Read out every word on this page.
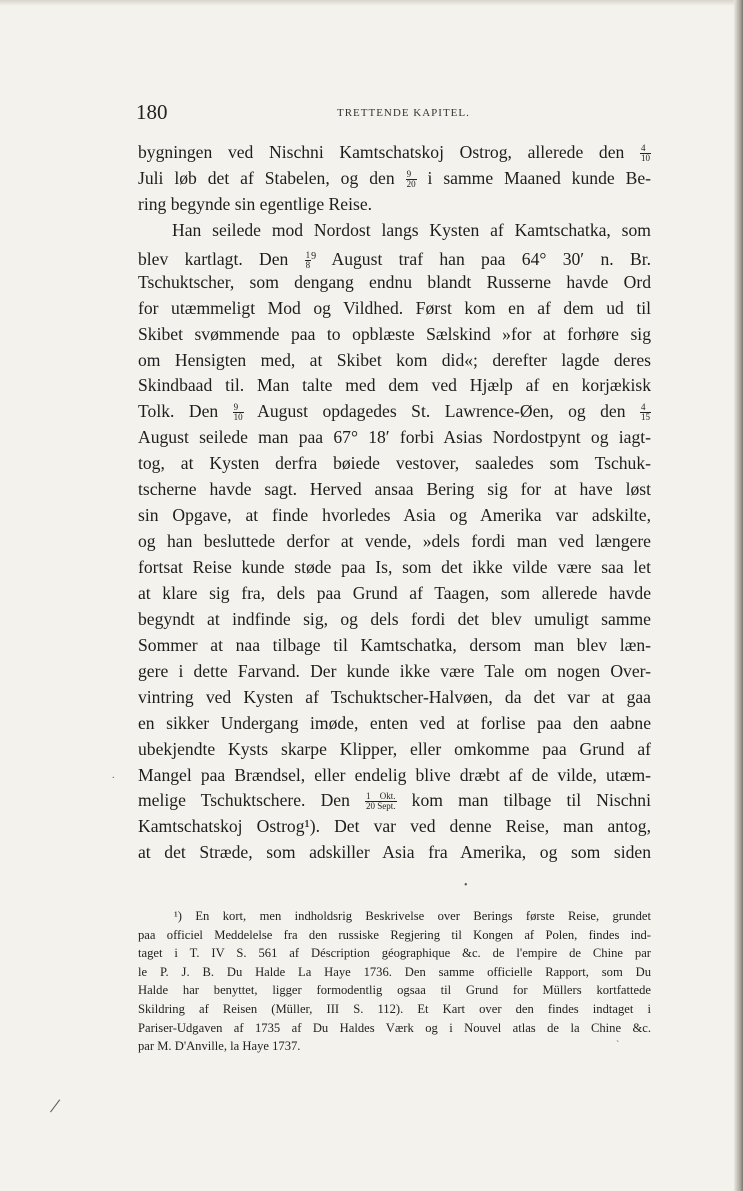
180	TRETTENDE KAPITEL.
bygningen ved Nischni Kamtschatskoj Ostrog, allerede den $\frac{4}{10}$
Juli løb det af Stabelen, og den $\frac{9}{20}$ i samme Maaned kunde Be-
ring begynde sin egentlige Reise.
Han seilede mod Nordost langs Kysten af Kamtschatka, som
blev kartlagt. Den $\frac{1}{8} ^9$ August traf han paa 64° 30′ n. Br.
Tschuktscher, som dengang endnu blandt Russerne havde Ord
for utæmmeligt Mod og Vildhed. Først kom en af dem ud til
Skibet svømmende paa to opblæste Sælskind »for at forhøre sig
om Hensigten med, at Skibet kom did«; derefter lagde deres
Skindbaad til. Man talte med dem ved Hjælp af en korjækisk
Tolk. Den $\frac{9}{10}$ August opdagedes St. Lawrence-Øen, og den $\frac{4}{15}$
August seilede man paa 67° 18′ forbi Asias Nordostpynt og iagt-
tog, at Kysten derfra bøiede vestover, saaledes som Tschuk-
tscherne havde sagt. Herved ansaa Bering sig for at have løst
sin Opgave, at finde hvorledes Asia og Amerika var adskilte,
og han besluttede derfor at vende, »dels fordi man ved længere
fortsat Reise kunde støde paa Is, som det ikke vilde være saa let
at klare sig fra, dels paa Grund af Taagen, som allerede havde
begyndt at indfinde sig, og dels fordi det blev umuligt samme
Sommer at naa tilbage til Kamtschatka, dersom man blev læn-
gere i dette Farvand. Der kunde ikke være Tale om nogen Over-
vintring ved Kysten af Tschuktscher-Halvøen, da det var at gaa
en sikker Undergang imøde, enten ved at forlise paa den aabne
ubekjendte Kysts skarpe Klipper, eller omkomme paa Grund af
Mangel paa Brændsel, eller endelig blive dræbt af de vilde, utæm-
melige Tschuktschere. Den $\frac{\text{1 Okt.}}{\text{20 Sept.}}$ kom man tilbage til Nischni
Kamtschatskoj Ostrog¹). Det var ved denne Reise, man antog,
at det Stræde, som adskiller Asia fra Amerika, og som siden
¹) En kort, men indholdsrig Beskrivelse over Berings første Reise, grundet
paa officiel Meddelelse fra den russiske Regjering til Kongen af Polen, findes ind-
taget i T. IV S. 561 af Déscription géographique &c. de l'empire de Chine par
le P. J. B. Du Halde La Haye 1736. Den samme officielle Rapport, som Du
Halde har benyttet, ligger formodentlig ogsaa til Grund for Müllers kortfattede
Skildring af Reisen (Müller, III S. 112). Et Kart over den findes indtaget i
Pariser-Udgaven af 1735 af Du Haldes Værk og i Nouvel atlas de la Chine &c.
par M. D'Anville, la Haye 1737.
/
•
`
.
